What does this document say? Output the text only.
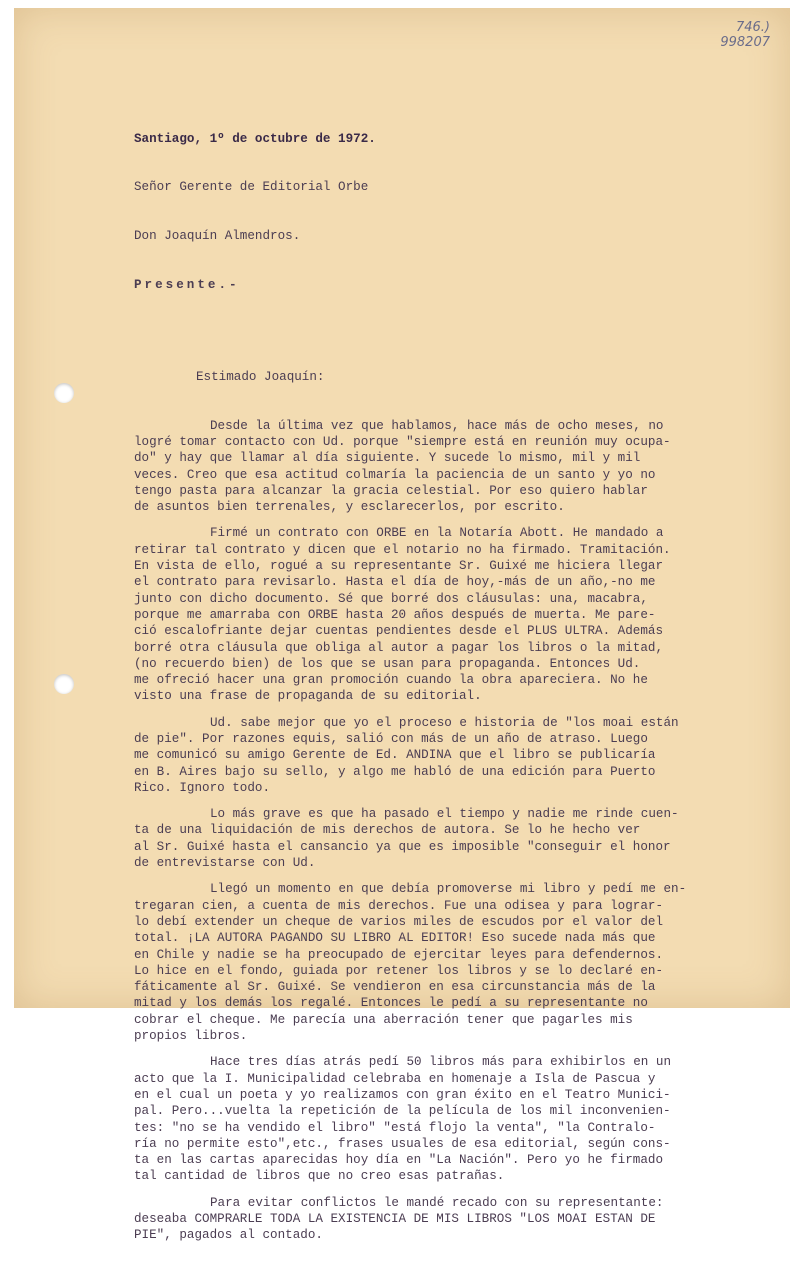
746.)
998207

Santiago, 1º de octubre de 1972.

Señor Gerente de Editorial Orbe

Don Joaquín Almendros.

Presente.-

Estimado Joaquín:

Desde la última vez que hablamos, hace más de ocho meses, no
logré tomar contacto con Ud. porque "siempre está en reunión muy ocupa-
do" y hay que llamar al día siguiente. Y sucede lo mismo, mil y mil
veces. Creo que esa actitud colmaría la paciencia de un santo y yo no
tengo pasta para alcanzar la gracia celestial. Por eso quiero hablar
de asuntos bien terrenales, y esclarecerlos, por escrito.
Firmé un contrato con ORBE en la Notaría Abott. He mandado a
retirar tal contrato y dicen que el notario no ha firmado. Tramitación.
En vista de ello, rogué a su representante Sr. Guixé me hiciera llegar
el contrato para revisarlo. Hasta el día de hoy,-más de un año,-no me
junto con dicho documento. Sé que borré dos cláusulas: una, macabra,
porque me amarraba con ORBE hasta 20 años después de muerta. Me pare-
ció escalofriante dejar cuentas pendientes desde el PLUS ULTRA. Además
borré otra cláusula que obliga al autor a pagar los libros o la mitad,
(no recuerdo bien) de los que se usan para propaganda. Entonces Ud.
me ofreció hacer una gran promoción cuando la obra apareciera. No he
visto una frase de propaganda de su editorial.
Ud. sabe mejor que yo el proceso e historia de "los moai están
de pie". Por razones equis, salió con más de un año de atraso. Luego
me comunicó su amigo Gerente de Ed. ANDINA que el libro se publicaría
en B. Aires bajo su sello, y algo me habló de una edición para Puerto
Rico. Ignoro todo.
Lo más grave es que ha pasado el tiempo y nadie me rinde cuen-
ta de una liquidación de mis derechos de autora. Se lo he hecho ver
al Sr. Guixé hasta el cansancio ya que es imposible "conseguir el honor
de entrevistarse con Ud.
Llegó un momento en que debía promoverse mi libro y pedí me en-
tregaran cien, a cuenta de mis derechos. Fue una odisea y para lograr-
lo debí extender un cheque de varios miles de escudos por el valor del
total. ¡LA AUTORA PAGANDO SU LIBRO AL EDITOR! Eso sucede nada más que
en Chile y nadie se ha preocupado de ejercitar leyes para defendernos.
Lo hice en el fondo, guiada por retener los libros y se lo declaré en-
fáticamente al Sr. Guixé. Se vendieron en esa circunstancia más de la
mitad y los demás los regalé. Entonces le pedí a su representante no
cobrar el cheque. Me parecía una aberración tener que pagarles mis
propios libros.
Hace tres días atrás pedí 50 libros más para exhibirlos en un
acto que la I. Municipalidad celebraba en homenaje a Isla de Pascua y
en el cual un poeta y yo realizamos con gran éxito en el Teatro Munici-
pal. Pero...vuelta la repetición de la película de los mil inconvenien-
tes: "no se ha vendido el libro" "está flojo la venta", "la Contralo-
ría no permite esto",etc., frases usuales de esa editorial, según cons-
ta en las cartas aparecidas hoy día en "La Nación". Pero yo he firmado
tal cantidad de libros que no creo esas patrañas.
Para evitar conflictos le mandé recado con su representante:
deseaba COMPRARLE TODA LA EXISTENCIA DE MIS LIBROS "LOS MOAI ESTAN DE
PIE", pagados al contado.
